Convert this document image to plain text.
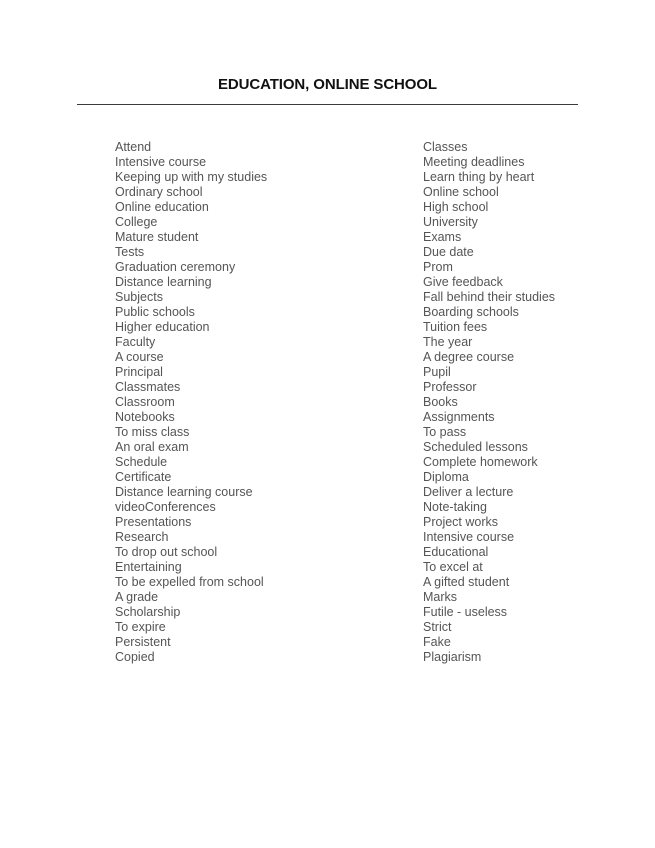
EDUCATION, ONLINE SCHOOL
Attend
Intensive course
Keeping up with my studies
Ordinary school
Online education
College
Mature student
Tests
Graduation ceremony
Distance learning
Subjects
Public schools
Higher education
Faculty
A course
Principal
Classmates
Classroom
Notebooks
To miss class
An oral exam
Schedule
Certificate
Distance learning course
videoConferences
Presentations
Research
To drop out school
Entertaining
To be expelled from school
A grade
Scholarship
To expire
Persistent
Copied
Classes
Meeting deadlines
Learn thing by heart
Online school
High school
University
Exams
Due date
Prom
Give feedback
Fall behind their studies
Boarding schools
Tuition fees
The year
A degree course
Pupil
Professor
Books
Assignments
To pass
Scheduled lessons
Complete homework
Diploma
Deliver a lecture
Note-taking
Project works
Intensive course
Educational
To excel at
A gifted student
Marks
Futile - useless
Strict
Fake
Plagiarism
